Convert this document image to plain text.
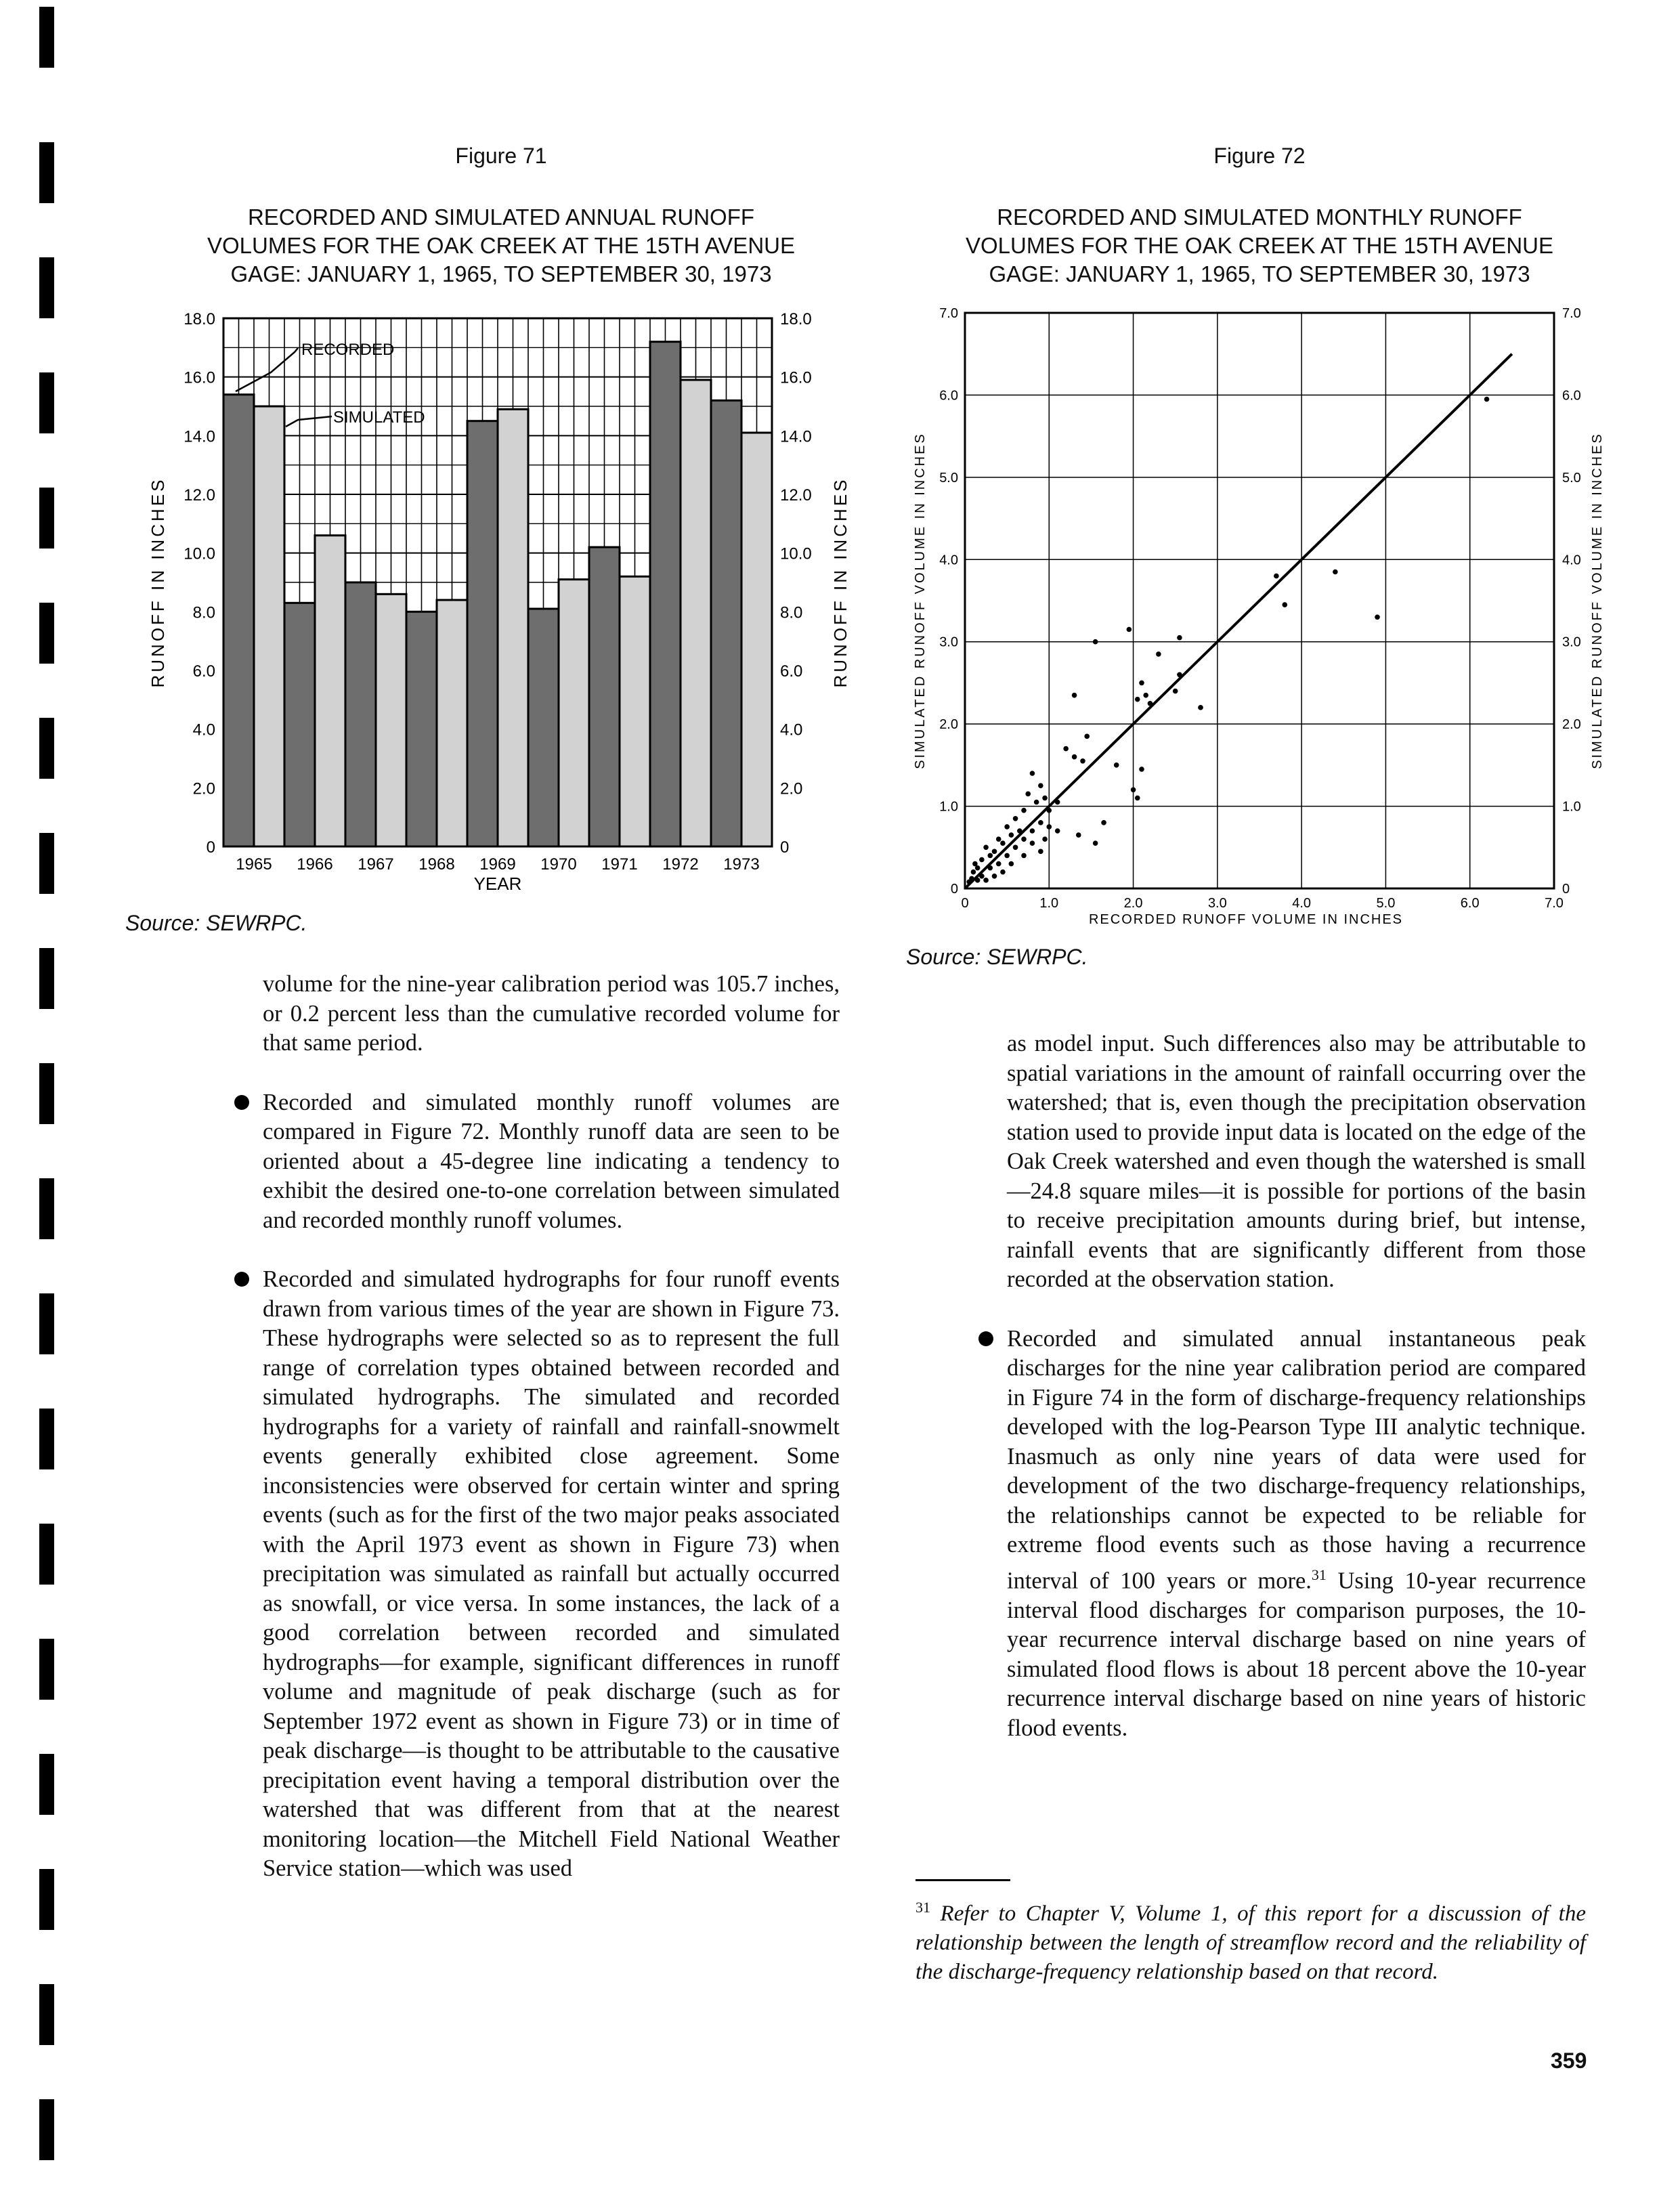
Figure 71
RECORDED AND SIMULATED ANNUAL RUNOFF
VOLUMES FOR THE OAK CREEK AT THE 15TH AVENUE
GAGE: JANUARY 1, 1965, TO SEPTEMBER 30, 1973
1965 1966 1967 1968 1969 1970 1971 1972 1973
0	0
2.0	2.0
4.0	4.0
6.0	6.0
8.0	8.0
10.0	10.0
12.0	12.0
14.0	14.0
16.0	16.0
18.0	18.0
RUNOFF IN INCHES	RUNOFF IN INCHES
YEAR
RECORDED
SIMULATED
Source: SEWRPC.
Figure 72
RECORDED AND SIMULATED MONTHLY RUNOFF
VOLUMES FOR THE OAK CREEK AT THE 15TH AVENUE
GAGE: JANUARY 1, 1965, TO SEPTEMBER 30, 1973
0	1.0	2.0	3.0	4.0	5.0	6.0	7.0
0	0
1.0	1.0
2.0	2.0
3.0	3.0
4.0	4.0
5.0	5.0
6.0	6.0
7.0	7.0
SIMULATED RUNOFF VOLUME IN INCHES	SIMULATED RUNOFF VOLUME IN INCHES
RECORDED RUNOFF VOLUME IN INCHES
Source: SEWRPC.

volume for the nine-year calibration period was 105.7 inches, or 0.2 percent less than the cumulative recorded volume for that same period.

Recorded and simulated monthly runoff volumes are compared in Figure 72. Monthly runoff data are seen to be oriented about a 45-degree line indicating a tendency to exhibit the desired one-to-one correlation between simulated and recorded monthly runoff volumes.

Recorded and simulated hydrographs for four runoff events drawn from various times of the year are shown in Figure 73. These hydrographs were selected so as to represent the full range of correlation types obtained between recorded and simulated hydrographs. The simulated and recorded hydrographs for a variety of rainfall and rainfall-snowmelt events generally exhibited close agreement. Some inconsistencies were observed for certain winter and spring events (such as for the first of the two major peaks associated with the April 1973 event as shown in Figure 73) when precipitation was simulated as rainfall but actually occurred as snowfall, or vice versa. In some instances, the lack of a good correlation between recorded and simulated hydrographs—for example, significant differences in runoff volume and magnitude of peak discharge (such as for September 1972 event as shown in Figure 73) or in time of peak discharge—is thought to be attributable to the causative precipitation event having a temporal distribution over the watershed that was different from that at the nearest monitoring location—the Mitchell Field National Weather Service station—which was used

as model input. Such differences also may be attributable to spatial variations in the amount of rainfall occurring over the watershed; that is, even though the precipitation observation station used to provide input data is located on the edge of the Oak Creek watershed and even though the watershed is small—24.8 square miles—it is possible for portions of the basin to receive precipitation amounts during brief, but intense, rainfall events that are significantly different from those recorded at the observation station.

Recorded and simulated annual instantaneous peak discharges for the nine year calibration period are compared in Figure 74 in the form of discharge-frequency relationships developed with the log-Pearson Type III analytic technique. Inasmuch as only nine years of data were used for development of the two discharge-frequency relationships, the relationships cannot be expected to be reliable for extreme flood events such as those having a recurrence interval of 100 years or more.$^{31}$ Using 10-year recurrence interval flood discharges for comparison purposes, the 10-year recurrence interval discharge based on nine years of simulated flood flows is about 18 percent above the 10-year recurrence interval discharge based on nine years of historic flood events.

$^{31}$ Refer to Chapter V, Volume 1, of this report for a discussion of the relationship between the length of streamflow record and the reliability of the discharge-frequency relationship based on that record.
359
